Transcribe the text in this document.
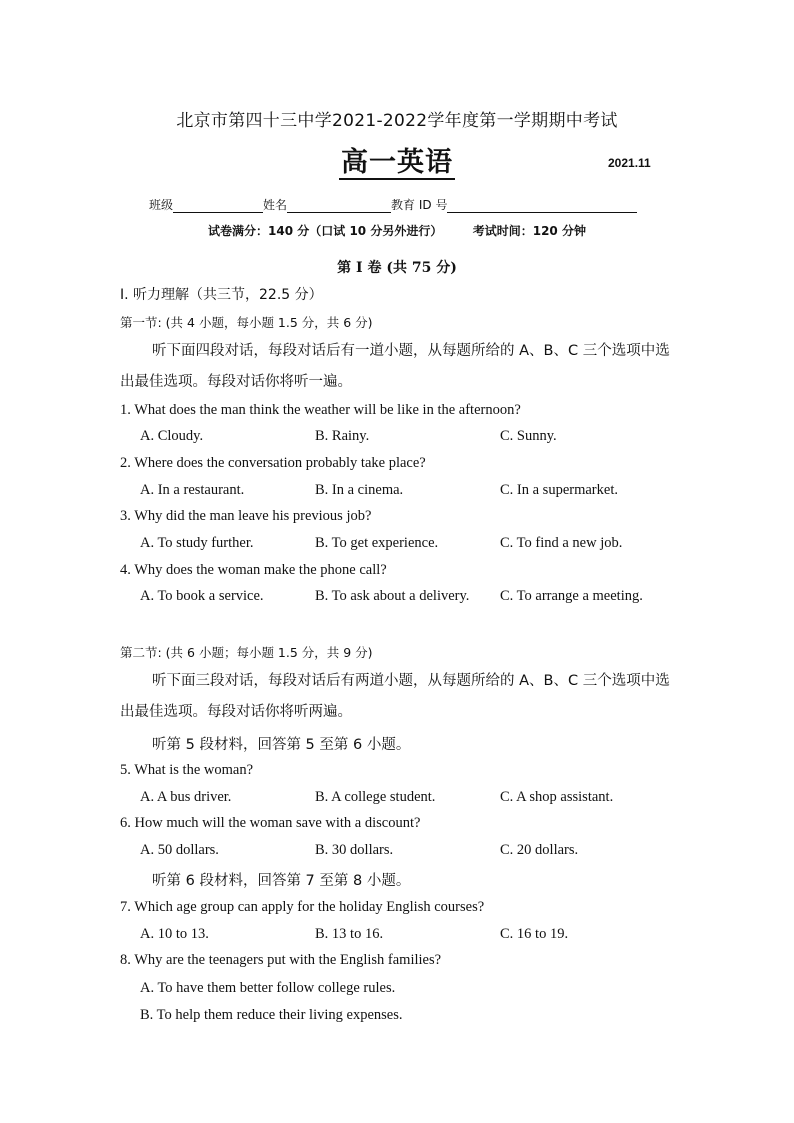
北京市第四十三中学2021-2022学年度第一学期期中考试
高一英语	2021.11
班级	姓名	教育 ID 号
试卷满分：140 分（口试 10 分另外进行）	考试时间：120 分钟
第 I 卷 (共 75 分)
I. 听力理解（共三节，22.5 分）
第一节: (共 4 小题，每小题 1.5 分，共 6 分)
听下面四段对话，每段对话后有一道小题，从每题所给的 A、B、C 三个选项中选出最佳选项。每段对话你将听一遍。
1. What does the man think the weather will be like in the afternoon?
A. Cloudy.	B. Rainy.	C. Sunny.
2. Where does the conversation probably take place?
A. In a restaurant.	B. In a cinema.	C. In a supermarket.
3. Why did the man leave his previous job?
A. To study further.	B. To get experience.	C. To find a new job.
4. Why does the woman make the phone call?
A. To book a service.	B. To ask about a delivery. C. To arrange a meeting.
第二节: (共 6 小题；每小题 1.5 分，共 9 分)
听下面三段对话，每段对话后有两道小题，从每题所给的 A、B、C 三个选项中选出最佳选项。每段对话你将听两遍。
听第 5 段材料，回答第 5 至第 6 小题。
5. What is the woman?
A. A bus driver.	B. A college student.	C. A shop assistant.
6. How much will the woman save with a discount?
A. 50 dollars.	B. 30 dollars.	C. 20 dollars.
听第 6 段材料，回答第 7 至第 8 小题。
7. Which age group can apply for the holiday English courses?
A. 10 to 13.	B. 13 to 16.	C. 16 to 19.
8. Why are the teenagers put with the English families?
A. To have them better follow college rules.
B. To help them reduce their living expenses.
